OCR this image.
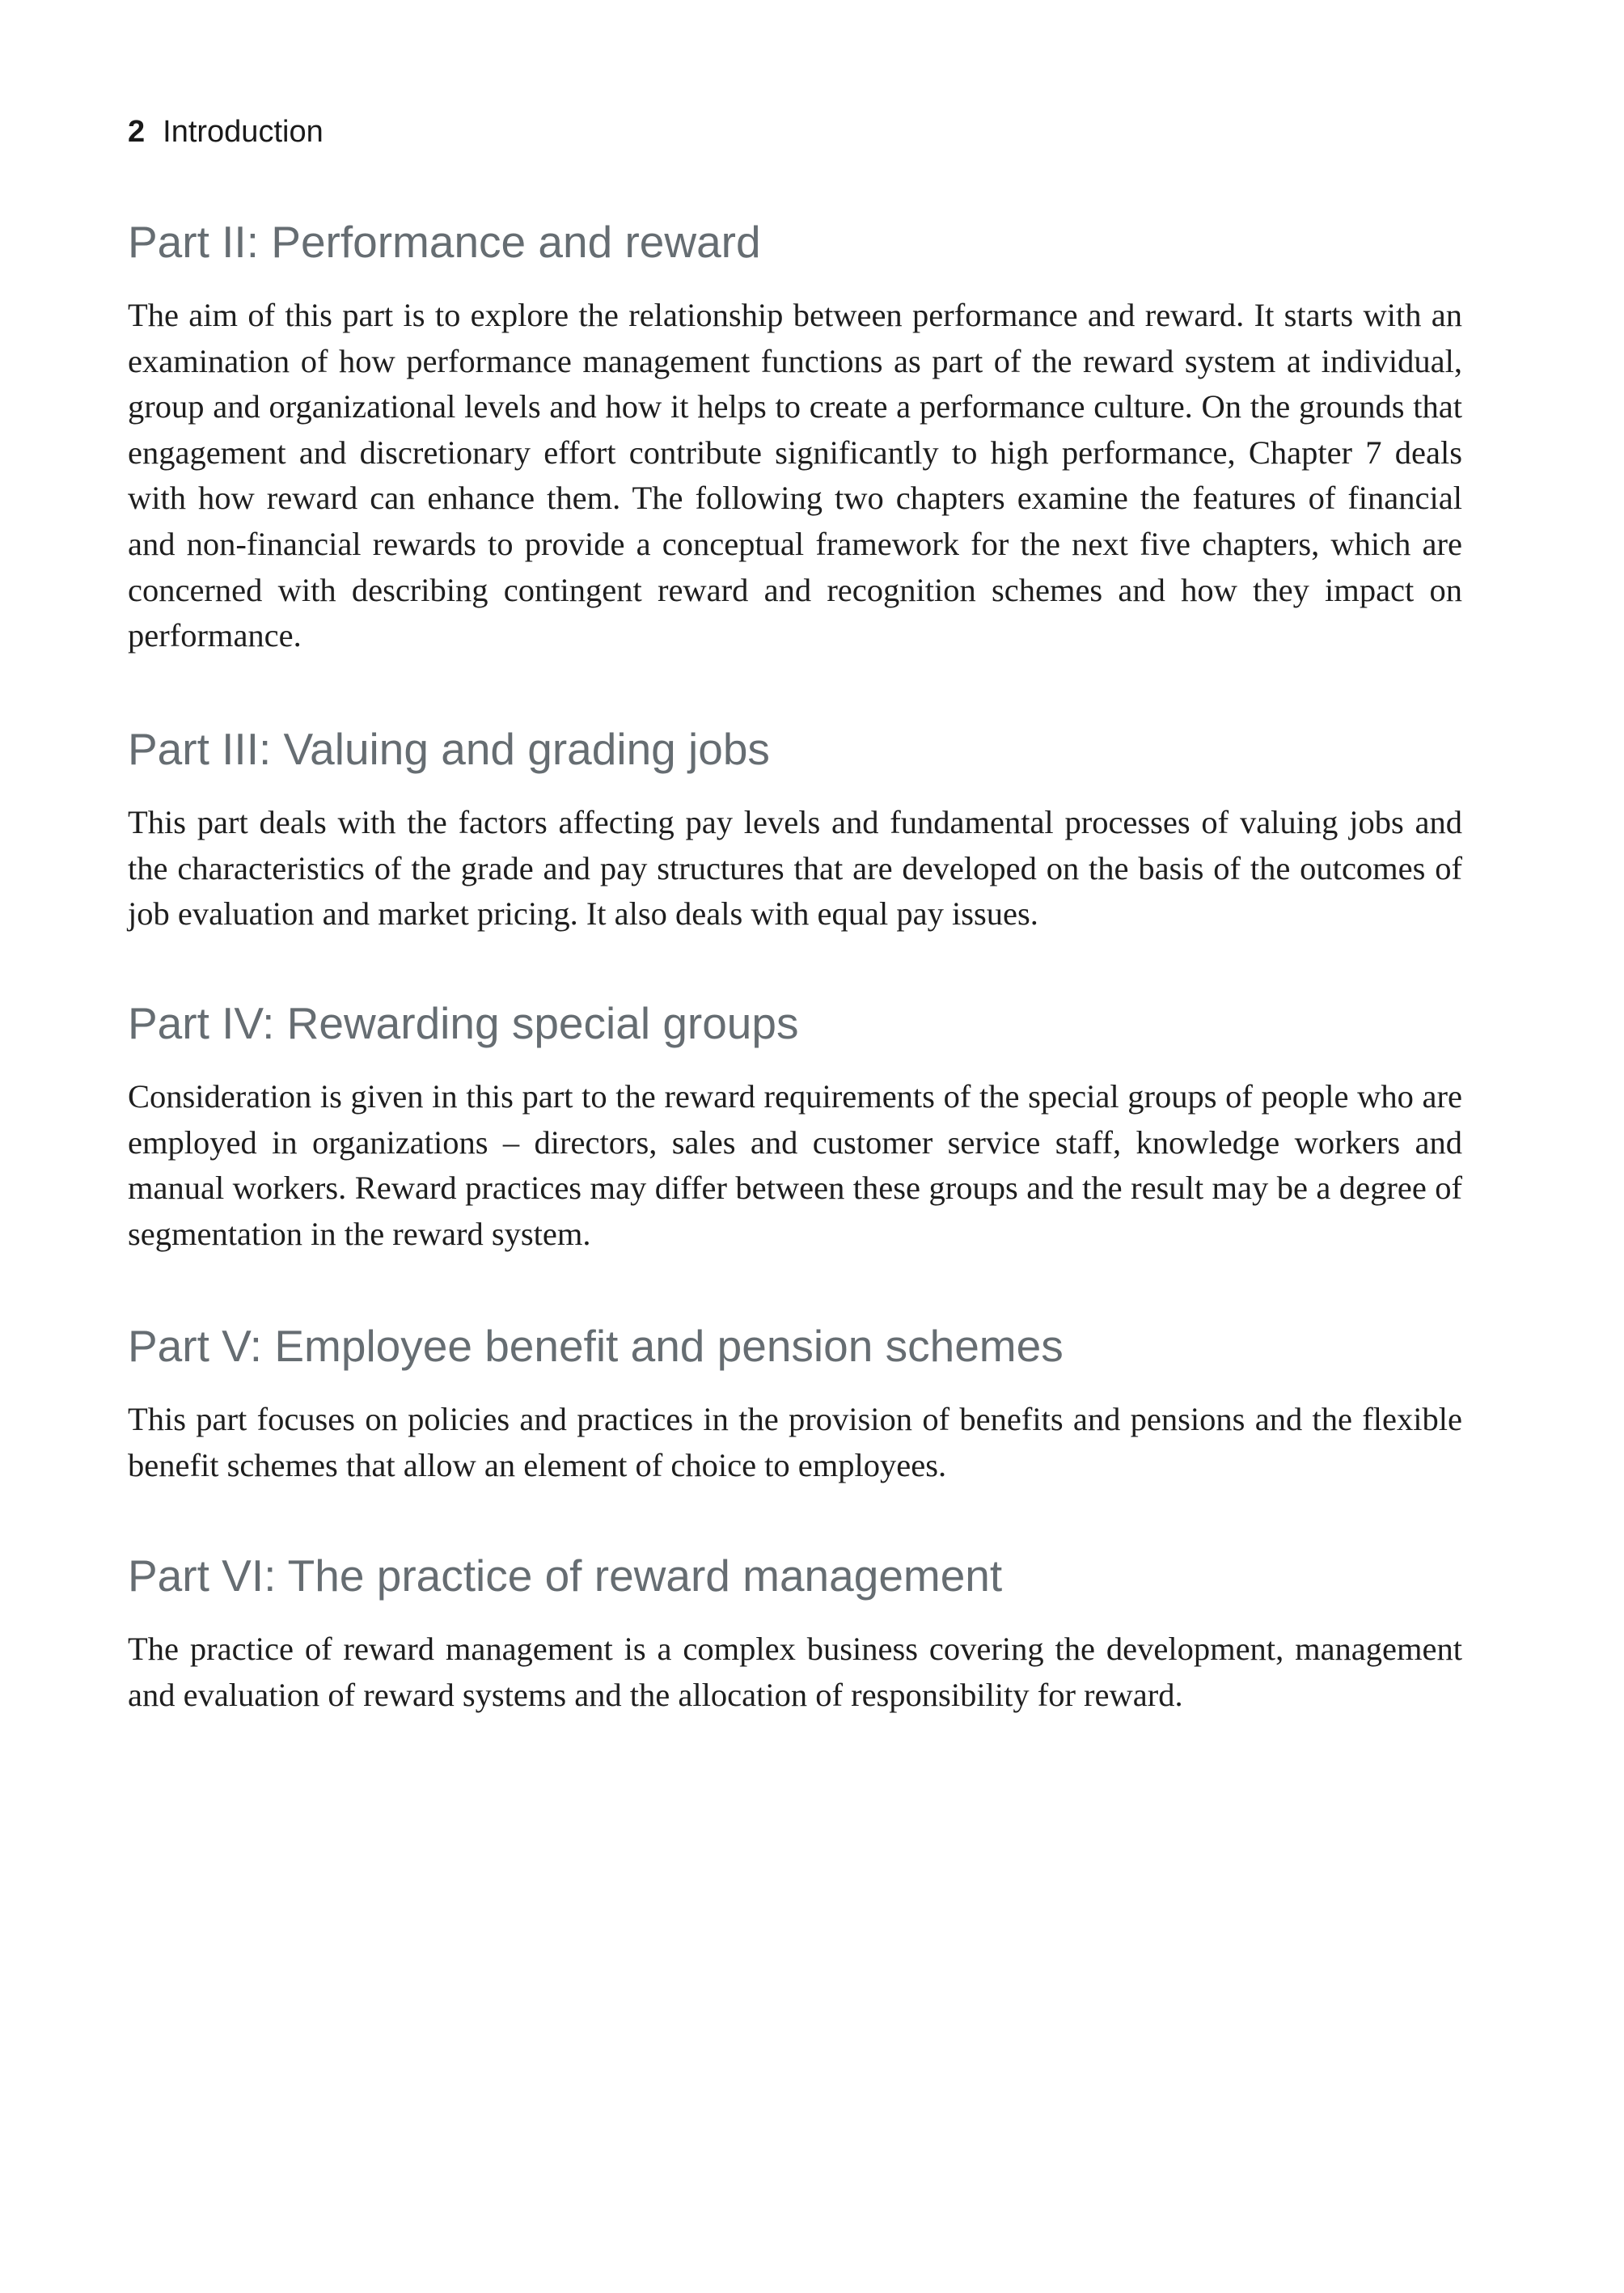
2 Introduction
Part II: Performance and reward

The aim of this part is to explore the relationship between performance and reward. It starts with an examination of how performance management functions as part of the reward system at individual, group and organizational levels and how it helps to create a performance culture. On the grounds that engagement and discretionary effort contribute significantly to high performance, Chapter 7 deals with how reward can enhance them. The following two chapters examine the features of financial and non-financial rewards to provide a conceptual framework for the next five chapters, which are concerned with describing contingent reward and recognition schemes and how they impact on performance.

Part III: Valuing and grading jobs

This part deals with the factors affecting pay levels and fundamental processes of valuing jobs and the characteristics of the grade and pay structures that are developed on the basis of the outcomes of job evaluation and market pricing. It also deals with equal pay issues.

Part IV: Rewarding special groups

Consideration is given in this part to the reward requirements of the special groups of people who are employed in organizations – directors, sales and customer service staff, knowledge workers and manual workers. Reward practices may differ between these groups and the result may be a degree of segmentation in the reward system.

Part V: Employee benefit and pension schemes

This part focuses on policies and practices in the provision of benefits and pensions and the flexible benefit schemes that allow an element of choice to employees.

Part VI: The practice of reward management

The practice of reward management is a complex business covering the development, management and evaluation of reward systems and the allocation of responsibility for reward.
